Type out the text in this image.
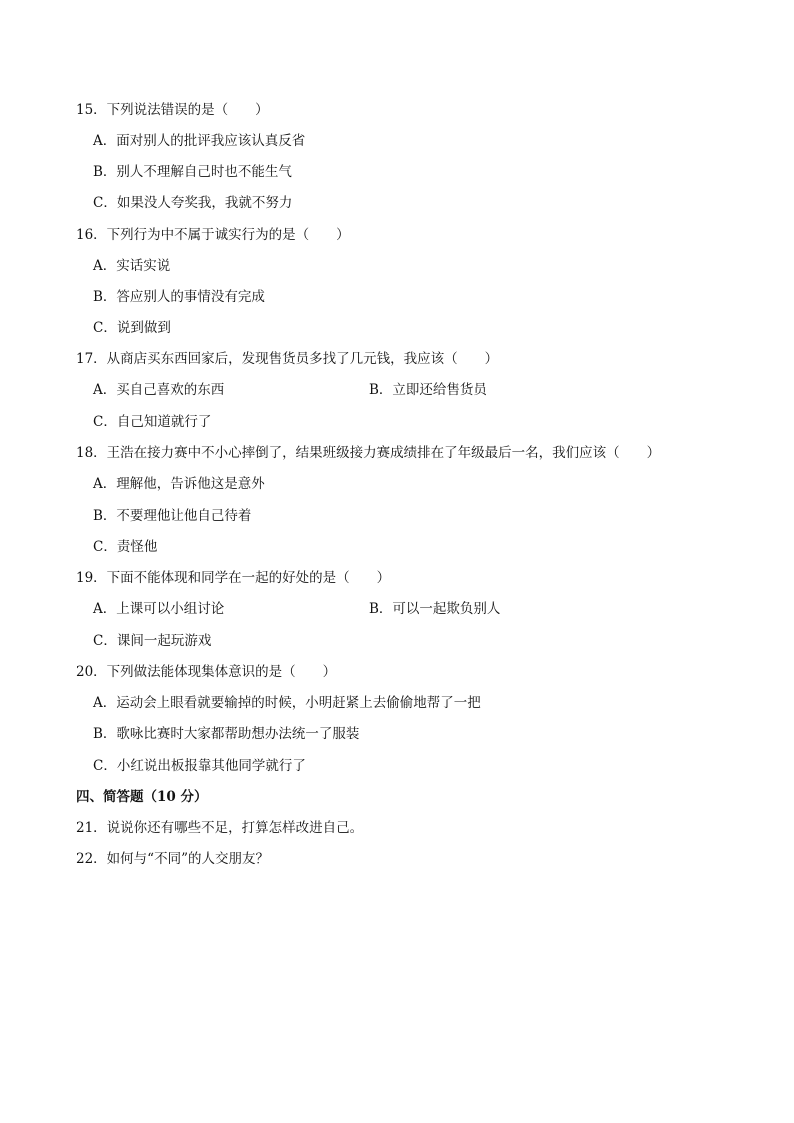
15．下列说法错误的是（　　）
A．面对别人的批评我应该认真反省
B．别人不理解自己时也不能生气
C．如果没人夸奖我，我就不努力
16．下列行为中不属于诚实行为的是（　　）
A．实话实说
B．答应别人的事情没有完成
C．说到做到
17．从商店买东西回家后，发现售货员多找了几元钱，我应该（　　）
A．买自己喜欢的东西	B．立即还给售货员
C．自己知道就行了
18．王浩在接力赛中不小心摔倒了，结果班级接力赛成绩排在了年级最后一名，我们应该（　　）
A．理解他，告诉他这是意外
B．不要理他让他自己待着
C．责怪他
19．下面不能体现和同学在一起的好处的是（　　）
A．上课可以小组讨论	B．可以一起欺负别人
C．课间一起玩游戏
20．下列做法能体现集体意识的是（　　）
A．运动会上眼看就要输掉的时候，小明赶紧上去偷偷地帮了一把
B．歌咏比赛时大家都帮助想办法统一了服装
C．小红说出板报靠其他同学就行了
四、简答题（10 分）
21．说说你还有哪些不足，打算怎样改进自己。
22．如何与“不同”的人交朋友？
